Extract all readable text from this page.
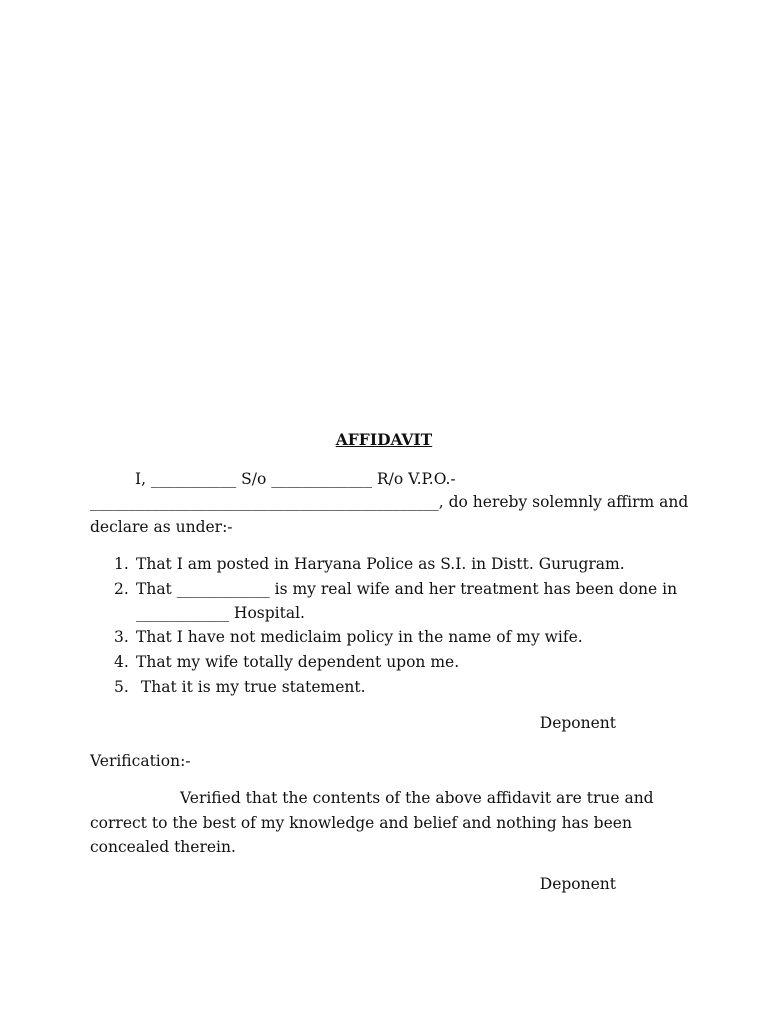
AFFIDAVIT
I, ___________ S/o _____________ R/o V.P.O.-
_____________________________________________, do hereby solemnly affirm and
declare as under:-
1. That I am posted in Haryana Police as S.I. in Distt. Gurugram.
2. That ____________ is my real wife and her treatment has been done in
____________ Hospital.
3. That I have not mediclaim policy in the name of my wife.
4. That my wife totally dependent upon me.
5. That it is my true statement.
Deponent
Verification:-
Verified that the contents of the above affidavit are true and
correct to the best of my knowledge and belief and nothing has been
concealed therein.
Deponent
